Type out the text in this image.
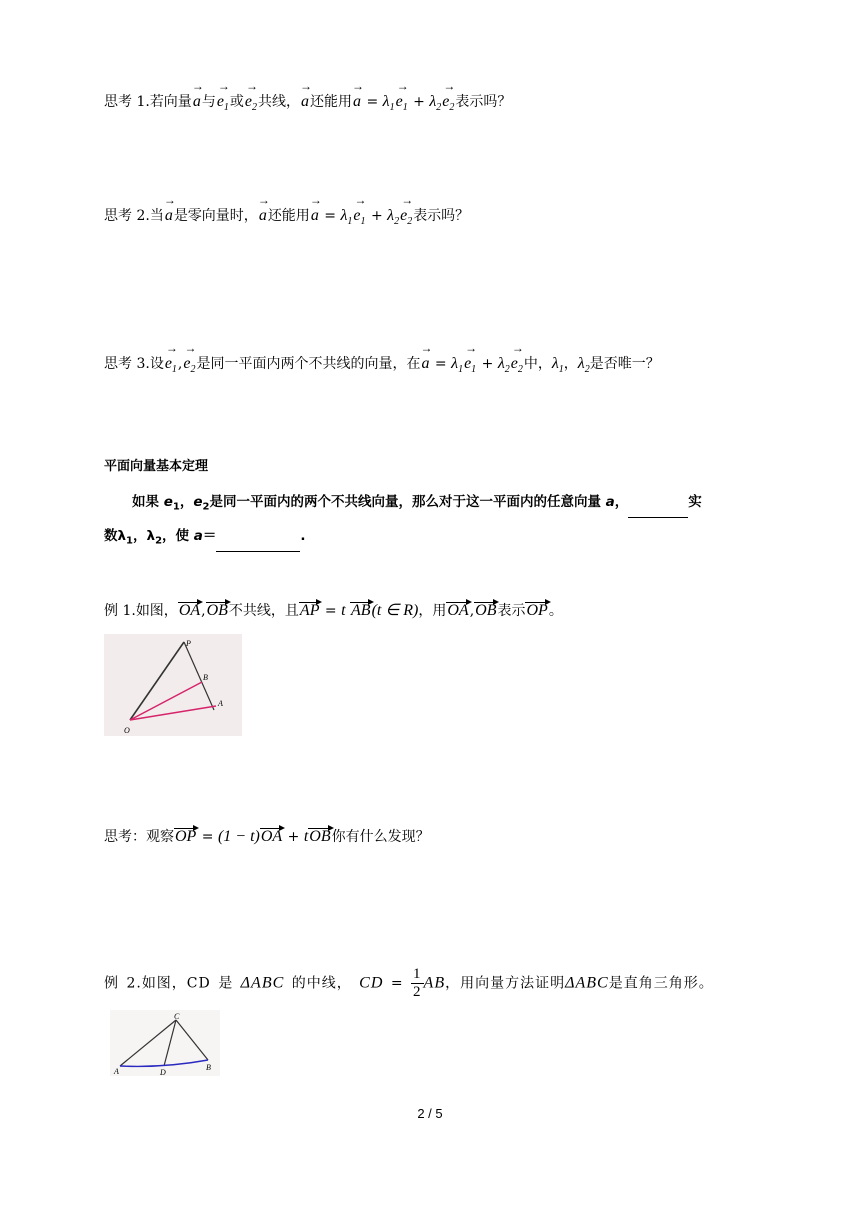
思考 1.若向量→ a与→ $e_1$或→ $e_2$共线，→ a还能用→ $a = \lambda_1\to e_1 + \lambda_2\to e_2$表示吗？
思考 2.当→ a是零向量时，→ a还能用→ $a = \lambda_1\to e_1 + \lambda_2\to e_2$表示吗？
思考 3.设→ $e_1,\to e_2$是同一平面内两个不共线的向量，在→ $a = \lambda_1\to e_1 + \lambda_2\to e_2$中，$\lambda_1$，$\lambda_2$是否唯一？
平面向量基本定理
如果 $e_1$，$e_2$是同一平面内的两个不共线向量，那么对于这一平面内的任意向量 a，	实
数$\lambda_1$，$\lambda_2$，使 a＝	.
例 1.如图，OA,OB不共线，且AP = t AB(t ∈ R)，用OA,OB表示OP。
P
B
A
O
思考：观察OP = (1 − t)OA + tOB你有什么发现？
例 2.如图，CD 是 ΔABC 的中线， CD = $\frac{1}{2}$ AB，用向量方法证明ΔABC是直角三角形。
C
A	D
B
2 / 5
